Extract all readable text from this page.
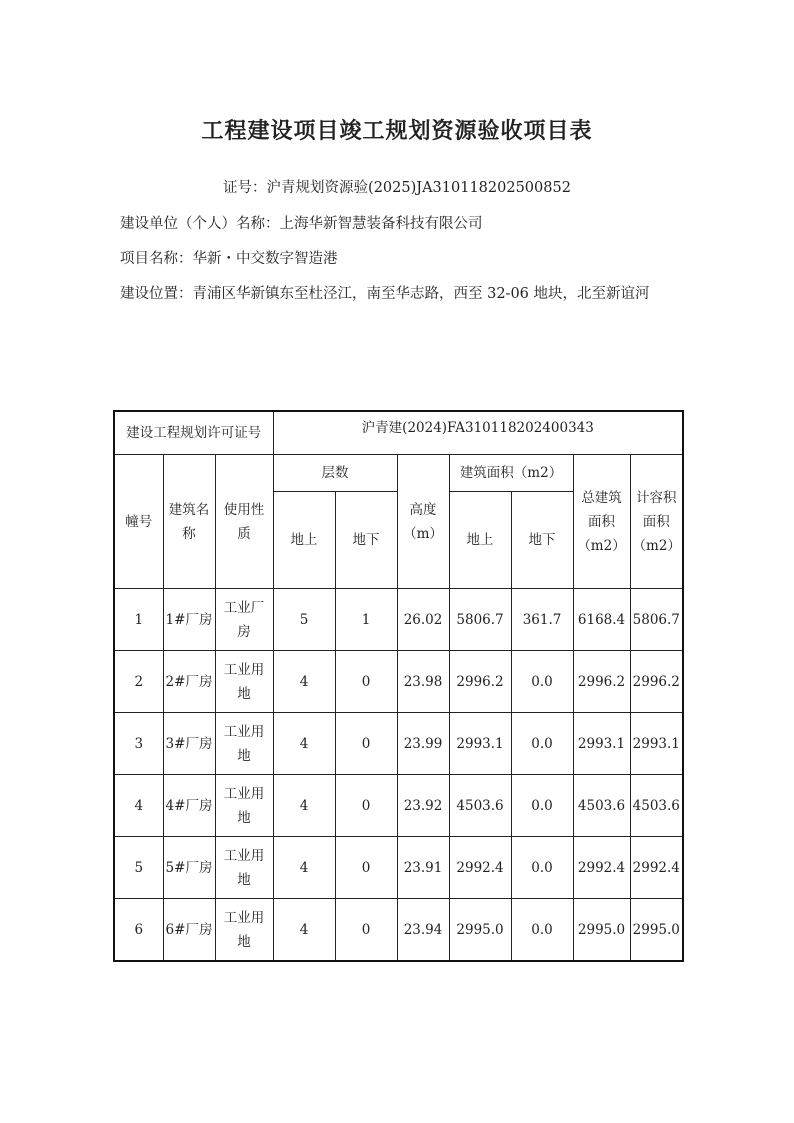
工程建设项目竣工规划资源验收项目表
证号：沪青规划资源验(2025)JA310118202500852
建设单位（个人）名称：上海华新智慧装备科技有限公司
项目名称：华新・中交数字智造港
建设位置：青浦区华新镇东至杜泾江，南至华志路，西至 32-06 地块，北至新谊河
建设工程规划许可证号			沪青建(2024)FA310118202400343						
幢号	建筑名称	使用性质	层数		高度（m）	建筑面积（m2）		总建筑面积（m2）	计容积面积（m2）
			地上	地下		地上	地下		
1	1#厂房	工业厂房	5	1	26.02	5806.7	361.7	6168.4	5806.7
2	2#厂房	工业用地	4	0	23.98	2996.2	0.0	2996.2	2996.2
3	3#厂房	工业用地	4	0	23.99	2993.1	0.0	2993.1	2993.1
4	4#厂房	工业用地	4	0	23.92	4503.6	0.0	4503.6	4503.6
5	5#厂房	工业用地	4	0	23.91	2992.4	0.0	2992.4	2992.4
6	6#厂房	工业用地	4	0	23.94	2995.0	0.0	2995.0	2995.0
